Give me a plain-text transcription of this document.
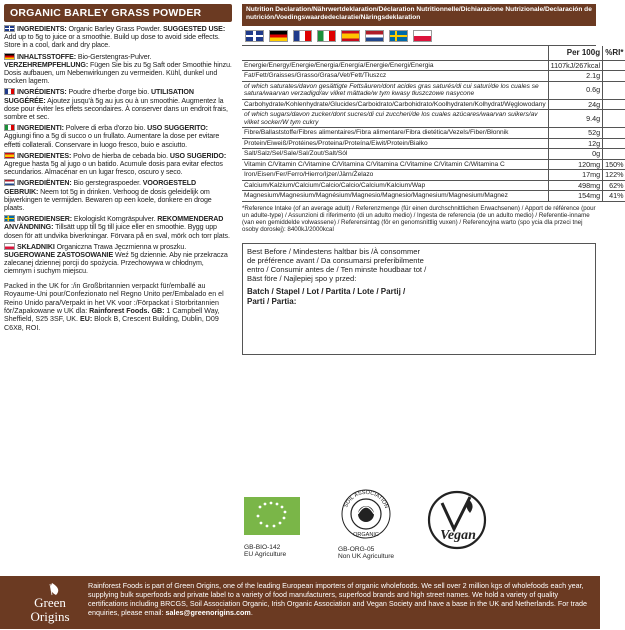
ORGANIC BARLEY GRASS POWDER
INGREDIENTS: Organic Barley Grass Powder. SUGGESTED USE: Add up to 5g to juice or a smoothie. Build up dose to avoid side effects. Store in a cool, dark and dry place.
INHALTSSTOFFE: Bio-Gerstengras-Pulver. VERZEHREMPFEHLUNG: Fügen Sie bis zu 5g Saft oder Smoothie hinzu. Dosis aufbauen, um Nebenwirkungen zu vermeiden. Kühl, dunkel und trocken lagern.
INGRÉDIENTS: Poudre d'herbe d'orge bio. UTILISATION SUGGÉRÉE: Ajoutez jusqu'à 5g au jus ou à un smoothie. Augmentez la dose pour éviter les effets secondaires. À conserver dans un endroit frais, sombre et sec.
INGREDIENTI: Polvere di erba d'orzo bio. USO SUGGERITO: Aggiungi fino a 5g di succo o un frullato. Aumentare la dose per evitare effetti collaterali. Conservare in luogo fresco, buio e asciutto.
INGREDIENTES: Polvo de hierba de cebada bio. USO SUGERIDO: Agregue hasta 5g al jugo o un batido. Acumule dosis para evitar efectos secundarios. Almacénar en un lugar fresco, oscuro y seco.
INGREDIËNTEN: Bio gerstegraspoeder. VOORGESTELD GEBRUIK: Neem tot 5g in drinken. Verhoog de dosis geleidelijk om bijwerkingen te vermijden. Bewaren op een koele, donkere en droge plaats.
INGREDIENSER: Ekologiskt Korngräspulver. REKOMMENDERAD ANVÄNDNING: Tillsätt upp till 5g till juice eller en smoothie. Bygg upp dosen för att undvika biverkningar. Förvara på en sval, mörk och torr plats.
SKŁADNIKI Organiczna Trawa Jęczmienna w proszku. SUGEROWANE ZASTOSOWANIE Weź 5g dziennie. Aby nie przekracza zalecanej dziennej porcji do spożycia. Przechowywa w chłodnym, ciemnym i suchym miejscu.
Packed in the UK for :/in Großbritannien verpackt für/emballé au Royaume-Uni pour/Confezionato nel Regno Unito per/Embalado en el Reino Unido para/Verpakt in het VK voor :/Förpackat i Storbritannien för/Zapakowane w UK dla: Rainforest Foods. GB: 1 Campbell Way, Sheffield, S25 3SF, UK. EU: Block B, Crescent Building, Dublin, D09 C6X8, ROI.
Nutrition Declaration/Nährwertdeklaration/Déclaration Nutritionnelle/Dichiarazione Nutrizionale/Declaración de nutrición/Voedingswaardedeclaratie/Näringsdeklaration
	Per 100g	%RI*
Energie/Energy/Energie/Energia/Energía/Energie/Energi/Energia	1107kJ/267kcal	
Fat/Fett/Graisses/Grasso/Grasa/Vet/Fett/Tłuszcz	2.1g	
of which saturates/davon gesättigte Fettsäuren/dont acides gras saturés/di cui saturi/de los cuales se satura/waarvan verzadigd/av vilket mättade/w tym kwasy tłuszczowe nasycone	0.6g	
Carbohydrate/Kohlenhydrate/Glucides/Carboidrato/Carbohidrato/Koolhydraten/Kolhydrat/Węglowodany	24g	
of which sugars/davon zucker/dont sucres/di cui zuccheri/de los cuales azúcares/waarvan suikers/av vilket socker/W tym cukry	9.4g	
Fibre/Ballaststoffe/Fibres alimentaires/Fibra alimentare/Fibra dietética/Vezels/Fiber/Błonnik	52g	
Protein/Eiweiß/Protéines/Proteina/Proteína/Eiwit/Protein/Białko	12g	
Salt/Salz/Sel/Sale/Sal/Zout/Salt/Sól	0g	
Vitamin C/Vitamin C/Vitamine C/Vitamina C/Vitamina C/Vitamine C/Vitamin C/Witamina C	120mg	150%
Iron/Eisen/Fer/Ferro/Hierro/Ijzer/Järn/Żelazo	17mg	122%
Calcium/Kalzium/Calcium/Calcio/Calcio/Calcium/Kalcium/Wap	498mg	62%
Magnesium/Magnesium/Magnésium/Magnesio/Magnesio/Magnesium/Magnesium/Magnez	154mg	41%
*Reference Intake (of an average adult) / Referenzmenge (für einen durchschnittlichen Erwachsenen) / Apport de référence (pour un adulte-type) / Assunzioni di riferimento (di un adulto medio) / Ingesta de referencia (de un adulto medio) / Referentie-inname (van een gemiddelde volwassene) / Referensintag (för en genomsnittlig vuxen) / Referencyjna warto (spo ycia dla przeci tnej osoby dorosłej): 8400kJ/2000kcal
Best Before / Mindestens haltbar bis /À consommer
de préférence avant / Da consumarsi preferibilmente
entro / Consumir antes de / Ten minste houdbaar tot /
Bäst före / Najlepiej spo y przed:
Batch / Stapel / Lot / Partita / Lote / Partij /
Parti / Partia:
GB-BIO-142
EU Agriculture
SOIL ASSOCIATION
ORGANIC
GB-ORG-05
Non UK Agriculture
Vegan
Green
Origins
Rainforest Foods is part of Green Origins, one of the leading European importers of organic wholefoods. We sell over 2 million kgs of wholefoods each year, supplying bulk superfoods and private label to a variety of food manufacturers, superfood brands and high street names. We hold a variety of quality certifications including BRCGS, Soil Association Organic, Irish Organic Association and Vegan Society and have a base in the UK and Netherlands. For trade enquiries, please email: sales@greenorigins.com.
